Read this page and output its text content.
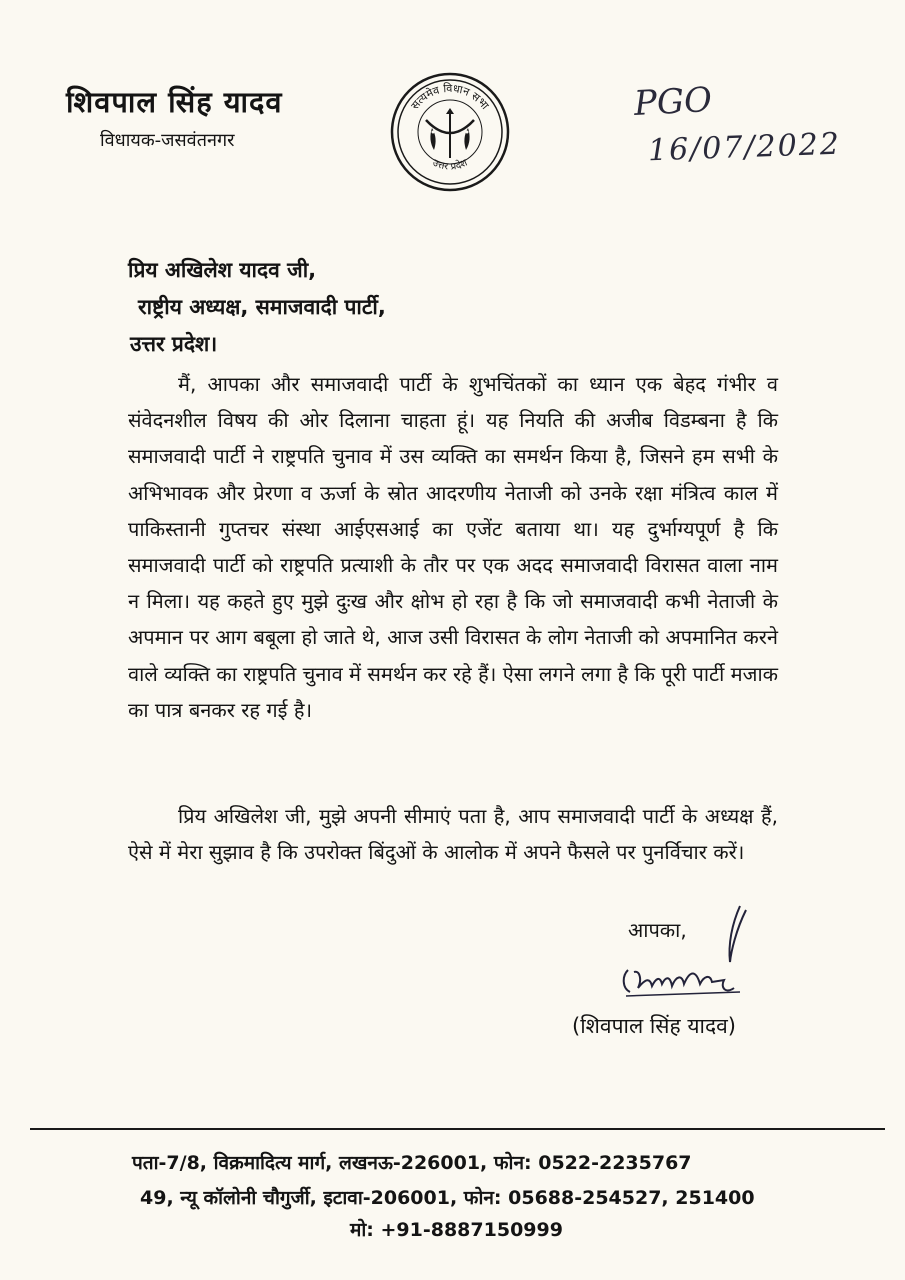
शिवपाल सिंह यादव
विधायक-जसवंतनगर
सत्यमेव विधान सभा
उत्तर प्रदेश
PGO
16/07/2022
प्रिय अखिलेश यादव जी,
राष्ट्रीय अध्यक्ष, समाजवादी पार्टी,
उत्तर प्रदेश।
मैं, आपका और समाजवादी पार्टी के शुभचिंतकों का ध्यान एक बेहद गंभीर व संवेदनशील विषय की ओर दिलाना चाहता हूं। यह नियति की अजीब विडम्बना है कि समाजवादी पार्टी ने राष्ट्रपति चुनाव में उस व्यक्ति का समर्थन किया है, जिसने हम सभी के अभिभावक और प्रेरणा व ऊर्जा के स्रोत आदरणीय नेताजी को उनके रक्षा मंत्रित्व काल में पाकिस्तानी गुप्तचर संस्था आईएसआई का एजेंट बताया था। यह दुर्भाग्यपूर्ण है कि समाजवादी पार्टी को राष्ट्रपति प्रत्याशी के तौर पर एक अदद समाजवादी विरासत वाला नाम न मिला। यह कहते हुए मुझे दुःख और क्षोभ हो रहा है कि जो समाजवादी कभी नेताजी के अपमान पर आग बबूला हो जाते थे, आज उसी विरासत के लोग नेताजी को अपमानित करने वाले व्यक्ति का राष्ट्रपति चुनाव में समर्थन कर रहे हैं। ऐसा लगने लगा है कि पूरी पार्टी मजाक का पात्र बनकर रह गई है।
प्रिय अखिलेश जी, मुझे अपनी सीमाएं पता है, आप समाजवादी पार्टी के अध्यक्ष हैं, ऐसे में मेरा सुझाव है कि उपरोक्त बिंदुओं के आलोक में अपने फैसले पर पुनर्विचार करें।
आपका,
(शिवपाल सिंह यादव)
पता-7/8, विक्रमादित्य मार्ग, लखनऊ-226001, फोन: 0522-2235767
49, न्यू कॉलोनी चौगुर्जी, इटावा-206001, फोन: 05688-254527, 251400
मो: +91-8887150999
